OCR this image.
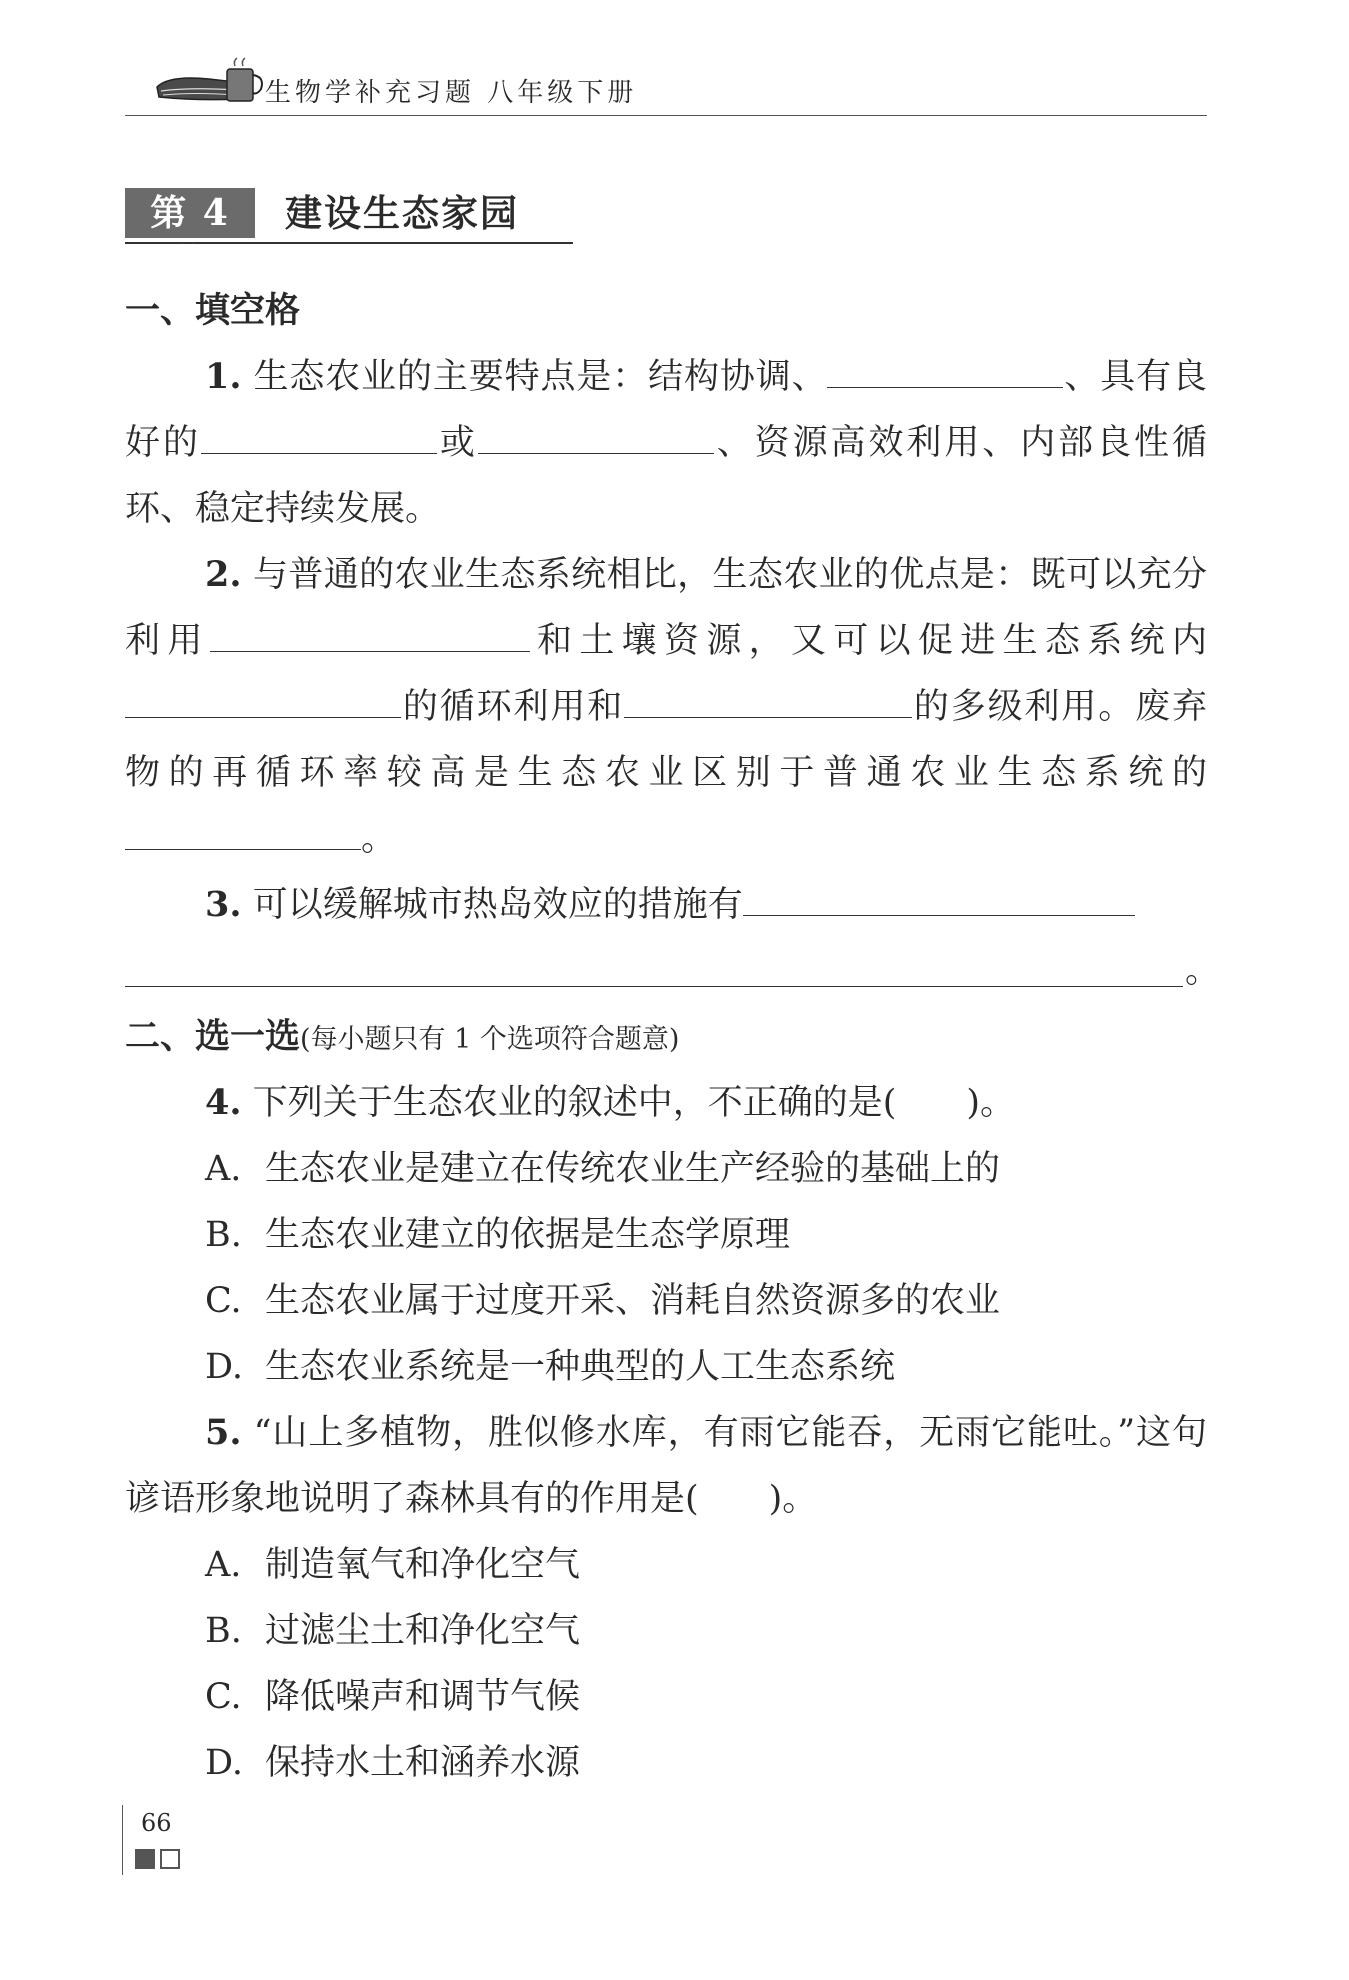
生物学补充习题 八年级下册
第 4 节
建设生态家园
一、填空格
1. 生态农业的主要特点是：结构协调、	、具有良好的	或	、资源高效利用、内部良性循环、稳定持续发展。
2. 与普通的农业生态系统相比，生态农业的优点是：既可以充分利用	和土壤资源，又可以促进生态系统内的循环利用和	的多级利用。废弃物的再循环率较高是生态农业区别于普通农业生态系统的。
3. 可以缓解城市热岛效应的措施有
。
二、选一选(每小题只有 1 个选项符合题意)
4. 下列关于生态农业的叙述中，不正确的是(　　)。
A. 生态农业是建立在传统农业生产经验的基础上的
B. 生态农业建立的依据是生态学原理
C. 生态农业属于过度开采、消耗自然资源多的农业
D. 生态农业系统是一种典型的人工生态系统
5. “山上多植物，胜似修水库，有雨它能吞，无雨它能吐。”这句谚语形象地说明了森林具有的作用是(　　)。
A. 制造氧气和净化空气
B. 过滤尘土和净化空气
C. 降低噪声和调节气候
D. 保持水土和涵养水源
66
